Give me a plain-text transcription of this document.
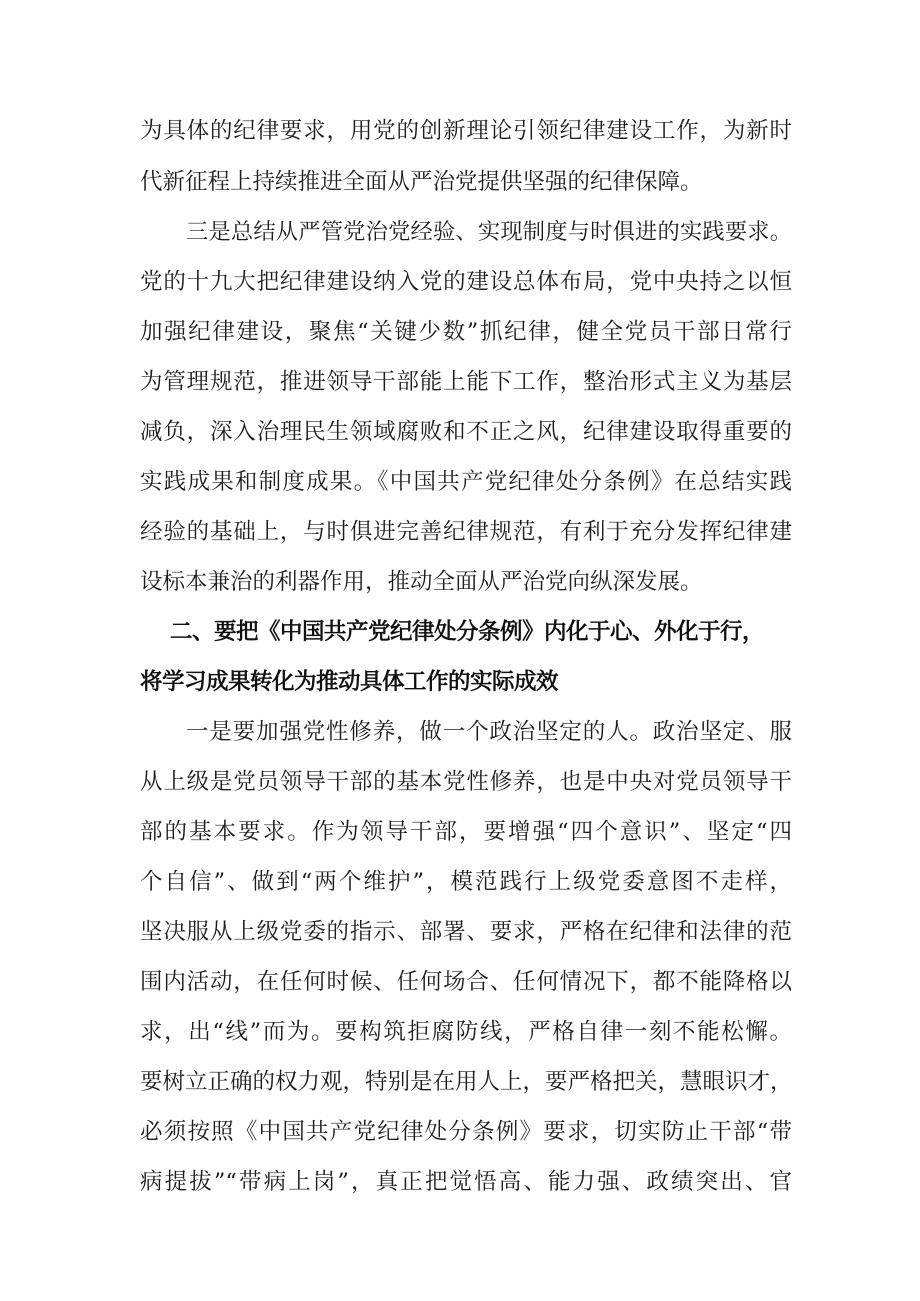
为具体的纪律要求，用党的创新理论引领纪律建设工作，为新时
代新征程上持续推进全面从严治党提供坚强的纪律保障。
三是总结从严管党治党经验、实现制度与时俱进的实践要求。
党的十九大把纪律建设纳入党的建设总体布局，党中央持之以恒
加强纪律建设，聚焦“关键少数”抓纪律，健全党员干部日常行
为管理规范，推进领导干部能上能下工作，整治形式主义为基层
减负，深入治理民生领域腐败和不正之风，纪律建设取得重要的
实践成果和制度成果。《中国共产党纪律处分条例》在总结实践
经验的基础上，与时俱进完善纪律规范，有利于充分发挥纪律建
设标本兼治的利器作用，推动全面从严治党向纵深发展。
二、要把《中国共产党纪律处分条例》内化于心、外化于行，
将学习成果转化为推动具体工作的实际成效
一是要加强党性修养，做一个政治坚定的人。政治坚定、服
从上级是党员领导干部的基本党性修养，也是中央对党员领导干
部的基本要求。作为领导干部，要增强“四个意识”、坚定“四
个自信”、做到“两个维护”，模范践行上级党委意图不走样，
坚决服从上级党委的指示、部署、要求，严格在纪律和法律的范
围内活动，在任何时候、任何场合、任何情况下，都不能降格以
求，出“线”而为。要构筑拒腐防线，严格自律一刻不能松懈。
要树立正确的权力观，特别是在用人上，要严格把关，慧眼识才，
必须按照《中国共产党纪律处分条例》要求，切实防止干部“带
病提拔”“带病上岗”，真正把觉悟高、能力强、政绩突出、官
